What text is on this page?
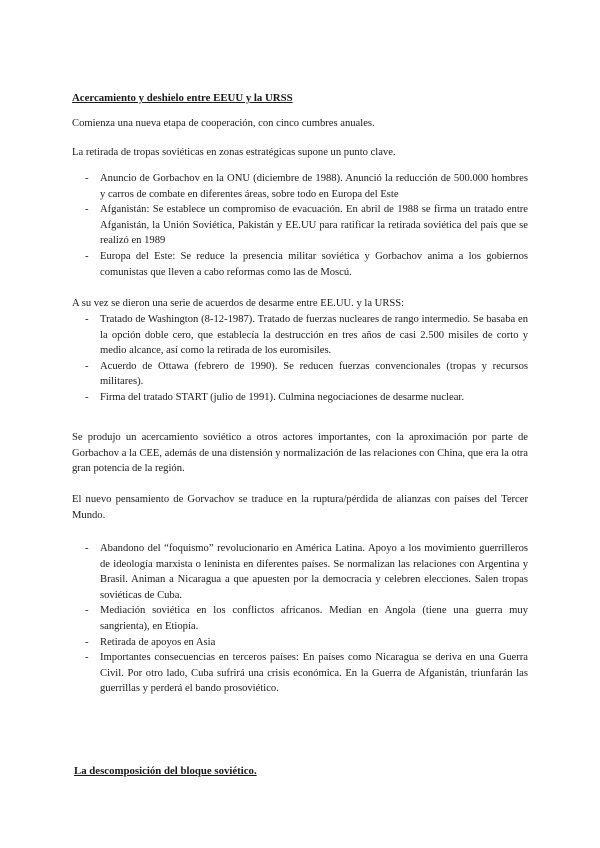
Acercamiento y deshielo entre EEUU y la URSS

Comienza una nueva etapa de cooperación, con cinco cumbres anuales.

La retirada de tropas soviéticas en zonas estratégicas supone un punto clave.

- Anuncio de Gorbachov en la ONU (diciembre de 1988). Anunció la reducción de 500.000 hombres y carros de combate en diferentes áreas, sobre todo en Europa del Este
- Afganistán: Se establece un compromiso de evacuación. En abril de 1988 se firma un tratado entre Afganistán, la Unión Soviética, Pakistán y EE.UU para ratificar la retirada soviética del país que se realizó en 1989
- Europa del Este: Se reduce la presencia militar soviética y Gorbachov anima a los gobiernos comunistas que lleven a cabo reformas como las de Moscú.

A su vez se dieron una serie de acuerdos de desarme entre EE.UU. y la URSS:

- Tratado de Washington (8-12-1987). Tratado de fuerzas nucleares de rango intermedio. Se basaba en la opción doble cero, que establecía la destrucción en tres años de casi 2.500 misiles de corto y medio alcance, así como la retirada de los euromisiles.
- Acuerdo de Ottawa (febrero de 1990). Se reducen fuerzas convencionales (tropas y recursos militares).
- Firma del tratado START (julio de 1991). Culmina negociaciones de desarme nuclear.

Se produjo un acercamiento soviético a otros actores importantes, con la aproximación por parte de Gorbachov a la CEE, además de una distensión y normalización de las relaciones con China, que era la otra gran potencia de la región.

El nuevo pensamiento de Gorvachov se traduce en la ruptura/pérdida de alianzas con países del Tercer Mundo.

- Abandono del “foquismo” revolucionario en América Latina. Apoyo a los movimiento guerrilleros de ideología marxista o leninista en diferentes países. Se normalizan las relaciones con Argentina y Brasil. Animan a Nicaragua a que apuesten por la democracia y celebren elecciones. Salen tropas soviéticas de Cuba.
- Mediación soviética en los conflictos africanos. Median en Angola (tiene una guerra muy sangrienta), en Etiopía.
- Retirada de apoyos en Asia
- Importantes consecuencias en terceros países: En países como Nicaragua se deriva en una Guerra Civil. Por otro lado, Cuba sufrirá una crisis económica. En la Guerra de Afganistán, triunfarán las guerrillas y perderá el bando prosoviético.
La descomposición del bloque soviético.
